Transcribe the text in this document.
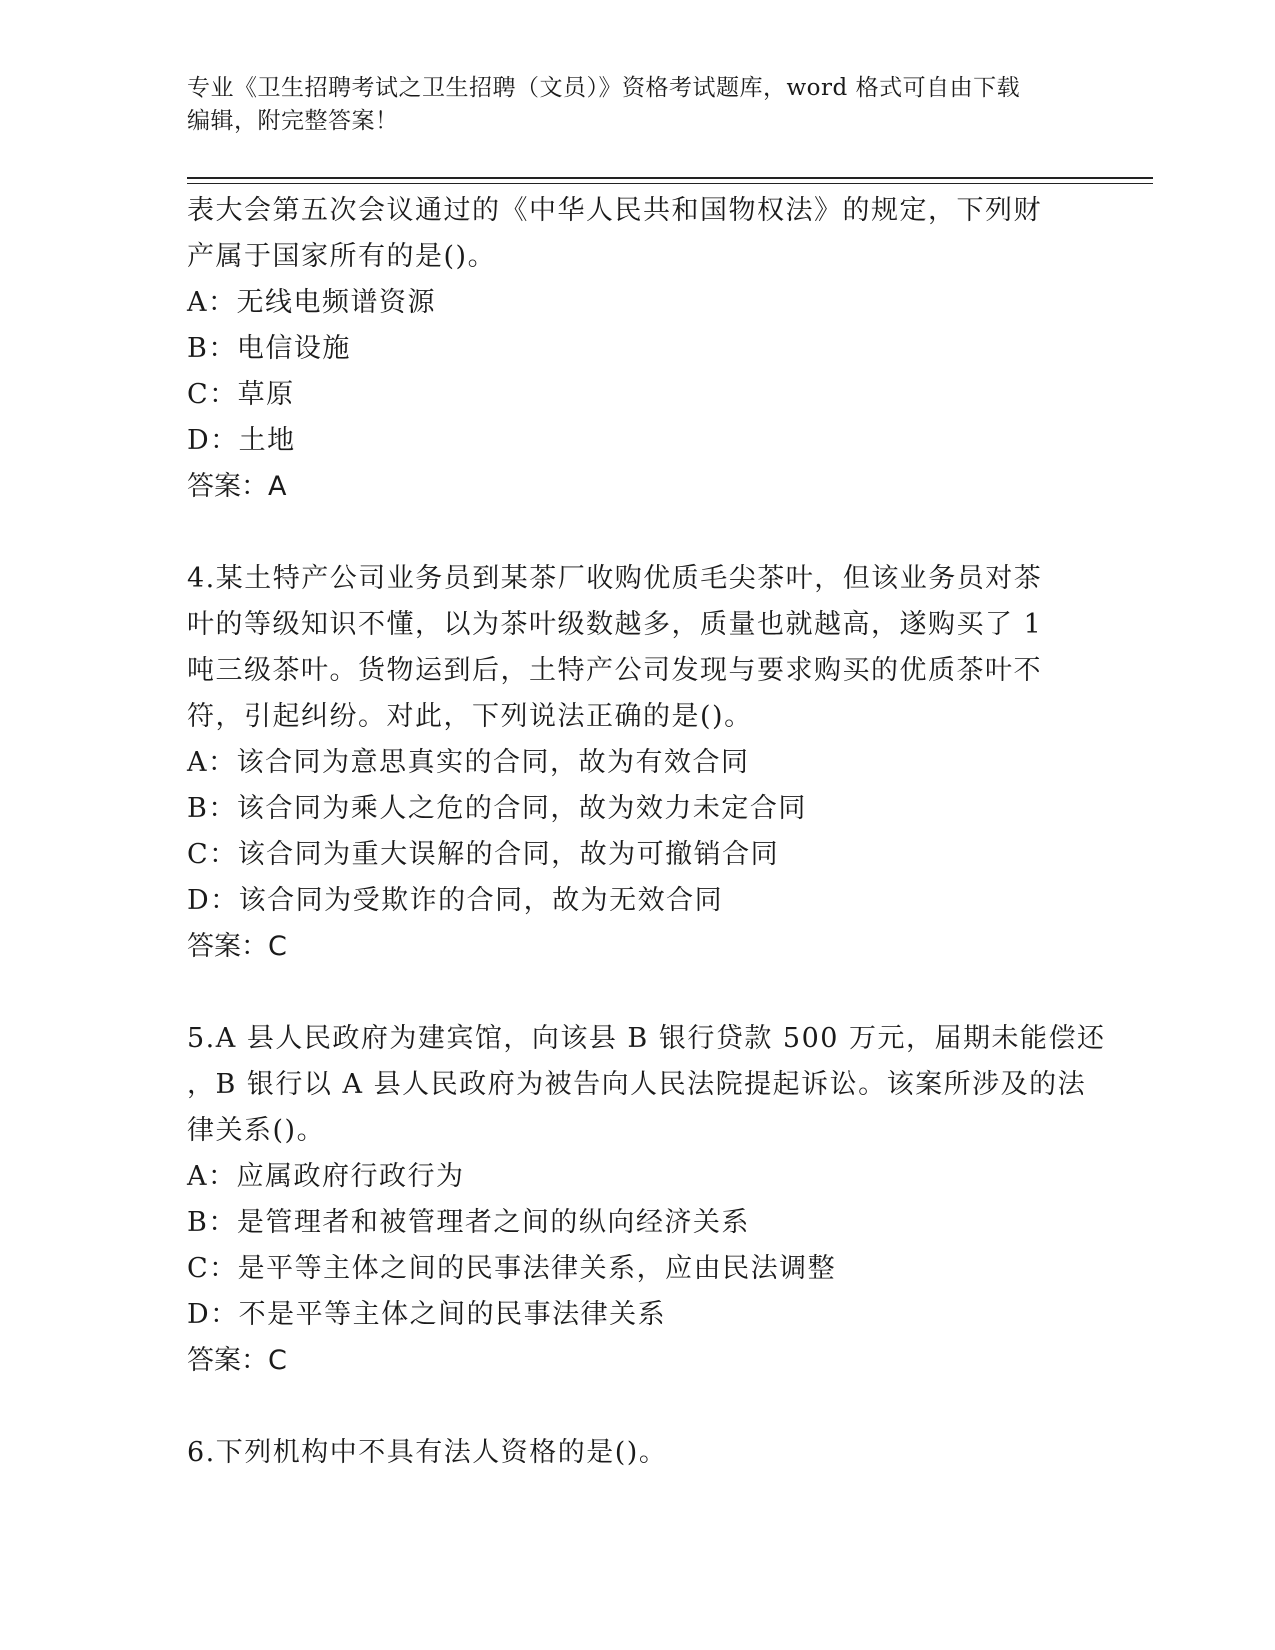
专业《卫生招聘考试之卫生招聘（文员）》资格考试题库，word 格式可自由下载
编辑，附完整答案！
表大会第五次会议通过的《中华人民共和国物权法》的规定，下列财
产属于国家所有的是()。
A：无线电频谱资源
B：电信设施
C：草原
D：土地
答案：A
4.某土特产公司业务员到某茶厂收购优质毛尖茶叶，但该业务员对茶
叶的等级知识不懂，以为茶叶级数越多，质量也就越高，遂购买了 1
吨三级茶叶。货物运到后，土特产公司发现与要求购买的优质茶叶不
符，引起纠纷。对此，下列说法正确的是()。
A：该合同为意思真实的合同，故为有效合同
B：该合同为乘人之危的合同，故为效力未定合同
C：该合同为重大误解的合同，故为可撤销合同
D：该合同为受欺诈的合同，故为无效合同
答案：C
5.A 县人民政府为建宾馆，向该县 B 银行贷款 500 万元，届期未能偿还
，B 银行以 A 县人民政府为被告向人民法院提起诉讼。该案所涉及的法
律关系()。
A：应属政府行政行为
B：是管理者和被管理者之间的纵向经济关系
C：是平等主体之间的民事法律关系，应由民法调整
D：不是平等主体之间的民事法律关系
答案：C
6.下列机构中不具有法人资格的是()。
